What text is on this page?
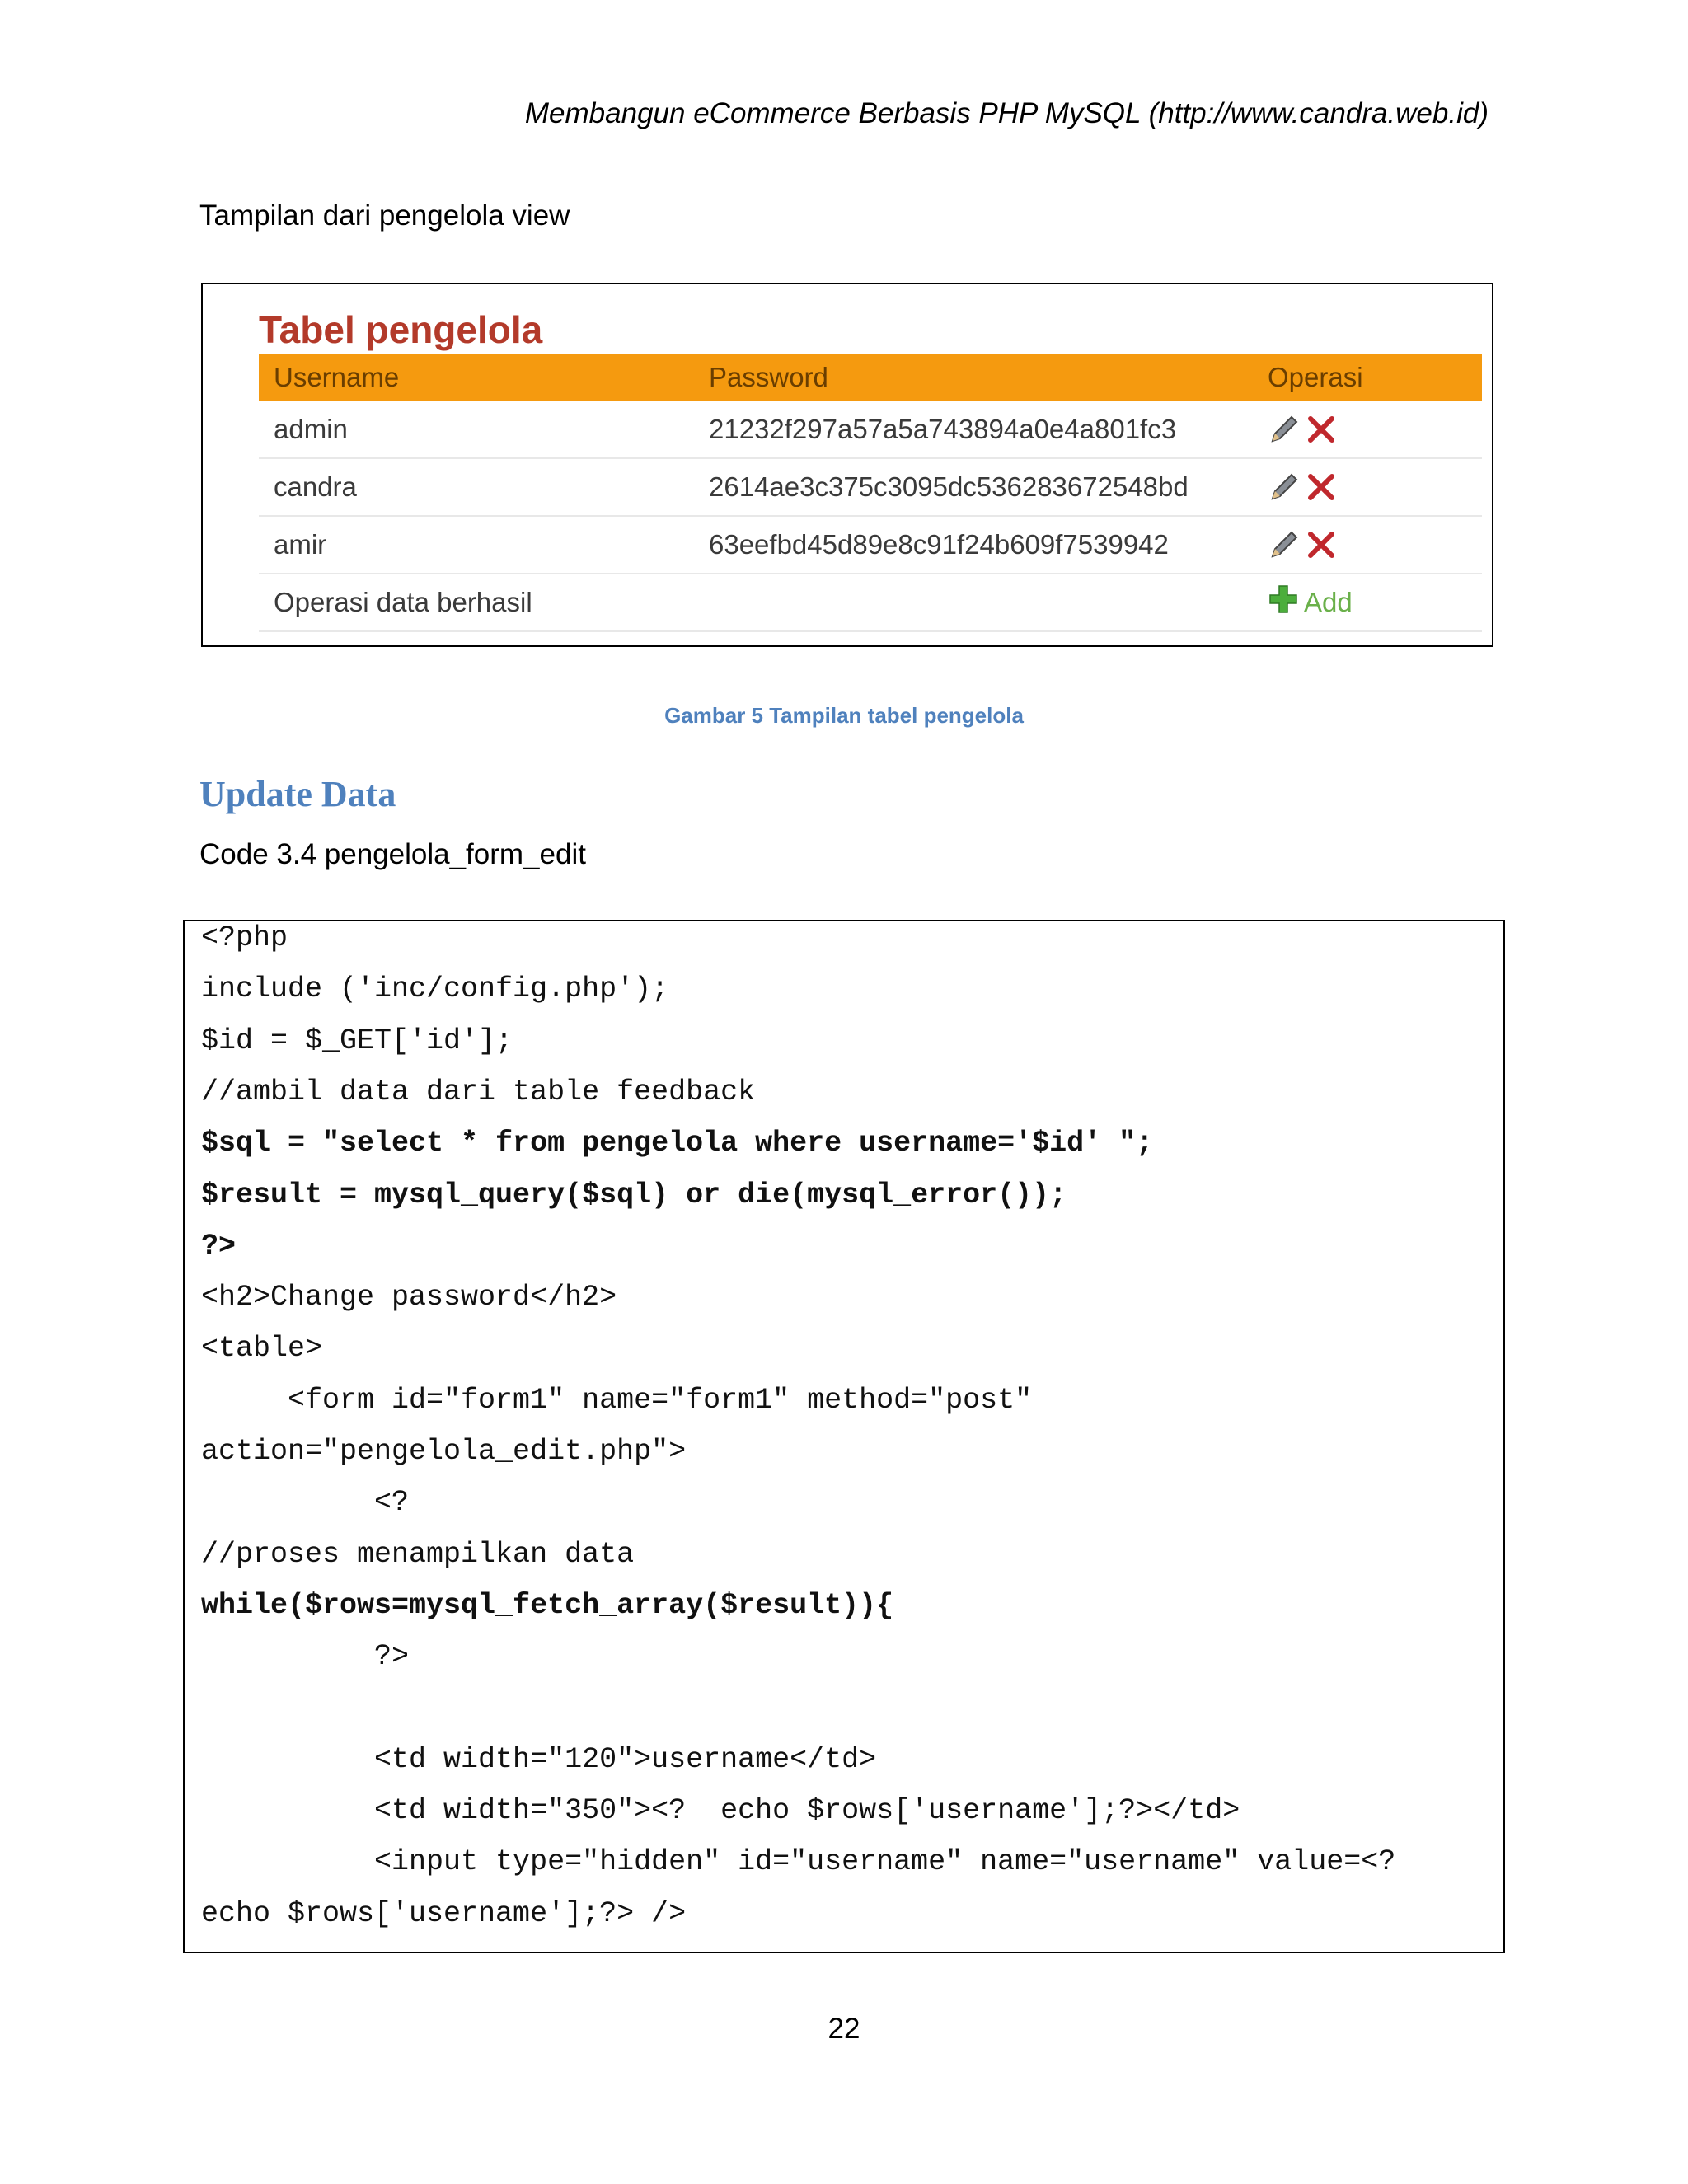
Membangun eCommerce Berbasis PHP MySQL (http://www.candra.web.id)
Tampilan dari pengelola view
Tabel pengelola
Username	Password	Operasi
admin	21232f297a57a5a743894a0e4a801fc3	

candra	2614ae3c375c3095dc536283672548bd	

amir	63eefbd45d89e8c91f24b609f7539942	

Operasi data berhasil		Add
Gambar 5 Tampilan tabel pengelola
Update Data
Code 3.4 pengelola_form_edit
<?php
include ('inc/config.php');
$id = $_GET['id'];
//ambil data dari table feedback
$sql = "select * from pengelola where username='$id' ";
$result = mysql_query($sql) or die(mysql_error());
?>
<h2>Change password</h2>
<table>
<form id="form1" name="form1" method="post"
action="pengelola_edit.php">
<?
//proses menampilkan data
while($rows=mysql_fetch_array($result)){
?>
<td width="120">username</td>
<td width="350"><?  echo $rows['username'];?></td>
<input type="hidden" id="username" name="username" value=<?
echo $rows['username'];?> />
22
